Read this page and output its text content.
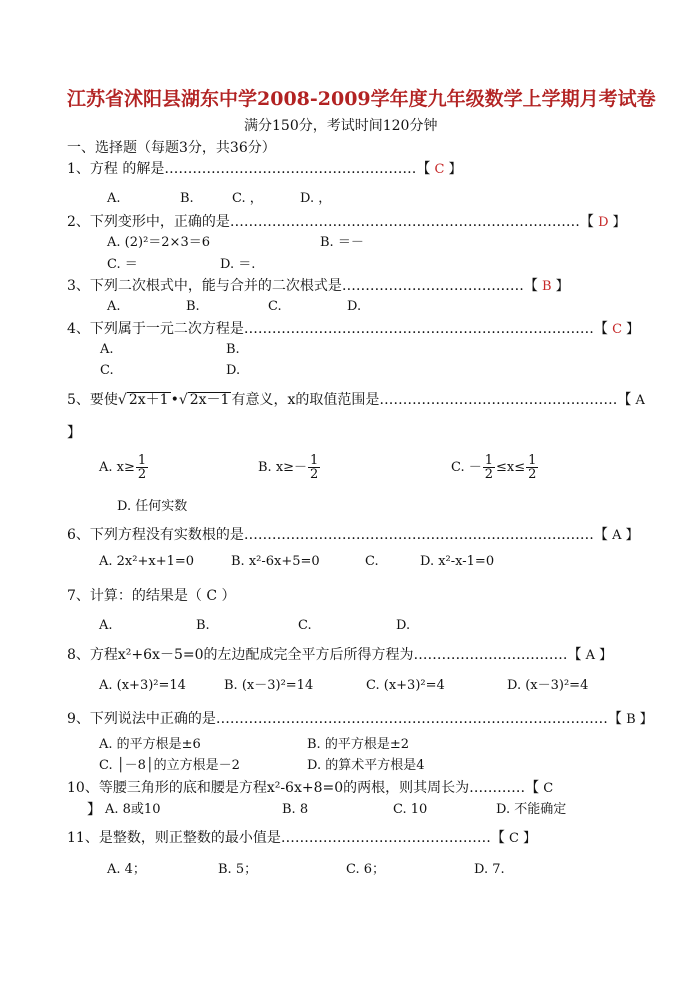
江苏省沭阳县湖东中学2008-2009学年度九年级数学上学期月考试卷
满分150分，考试时间120分钟
一、选择题（每题3分，共36分）
1、方程 的解是………………………………………………【 C 】
A.	B.	C. ，	D. ，
2、下列变形中，正确的是…………………………………………………………………【 D 】
A. (2)²＝2×3＝6	B. ＝－
C. ＝	D. ＝.
3、下列二次根式中，能与合并的二次根式是…………………………………【 B 】
A.	B.	C.	D.
4、下列属于一元二次方程是…………………………………………………………………【 C 】
A.	B.
C.	D.
5、要使√ 2x＋1 •√ 2x－1 有意义，x的取值范围是……………………………………………【 A
】
A. $x\ge \frac{1}{2}$	B. $x\ge- \frac{1}{2}$	C. － $\frac{1}{2} \le x\le \frac{1}{2}$
D. 任何实数
6、下列方程没有实数根的是…………………………………………………………………【 A 】
A. 2x²+x+1=0	B. x²-6x+5=0	C.	D. x²-x-1=0
7、计算：的结果是（ C ）
A.	B.	C.	D.
8、方程x²+6x－5=0的左边配成完全平方后所得方程为……………………………【 A 】
A. (x+3)²=14	B. (x－3)²=14	C. (x+3)²=4	D. (x－3)²=4
9、下列说法中正确的是…………………………………………………………………………【 B 】
A. 的平方根是±6	B. 的平方根是±2
C. │－8│的立方根是－2	D. 的算术平方根是4
10、等腰三角形的底和腰是方程x²-6x+8=0的两根，则其周长为…………【 C
】 A. 8或10	B. 8	C. 10	D. 不能确定
11、是整数，则正整数的最小值是………………………………………【 C 】
A. 4；	B. 5；	C. 6；	D. 7.
